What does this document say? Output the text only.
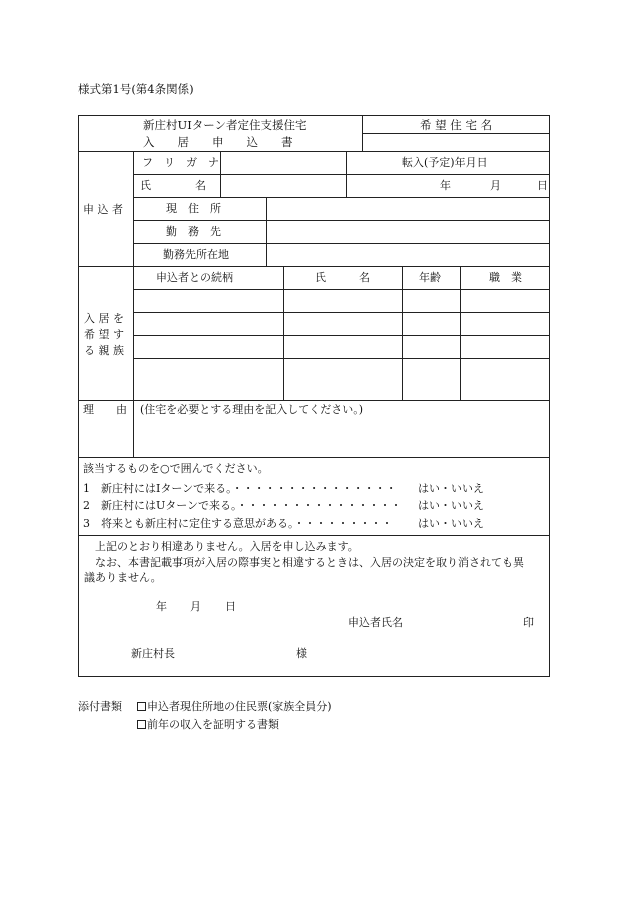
様式第1号(第4条関係)
新庄村UIターン者定住支援住宅
入　　居　　申　　込　　書
希 望 住 宅 名
申 込 者
フ　リ　ガ　ナ	転入(予定)年月日
氏　　　　名	年	月	日
現　住　所
勤　務　先
勤務先所在地
入 居 を
希 望 す
る 親 族
申込者との続柄	氏　　　名	年齢	職　業
理　　由 (住宅を必要とする理由を記入してください。)
該当するものを○で囲んでください。
1 新庄村にはIターンで来る。・・・・・・・・・・・・・・・ はい・いいえ
2 新庄村にはUターンで来る。・・・・・・・・・・・・・・・ はい・いいえ
3 将来とも新庄村に定住する意思がある。・・・・・・・・・ はい・いいえ
上記のとおり相違ありません。入居を申し込みます。
なお、本書記載事項が入居の際事実と相違するときは、入居の決定を取り消されても異
議ありません。
年 月 日
申込者氏名	印
新庄村長	様
添付書類	申込者現住所地の住民票(家族全員分)
前年の収入を証明する書類
